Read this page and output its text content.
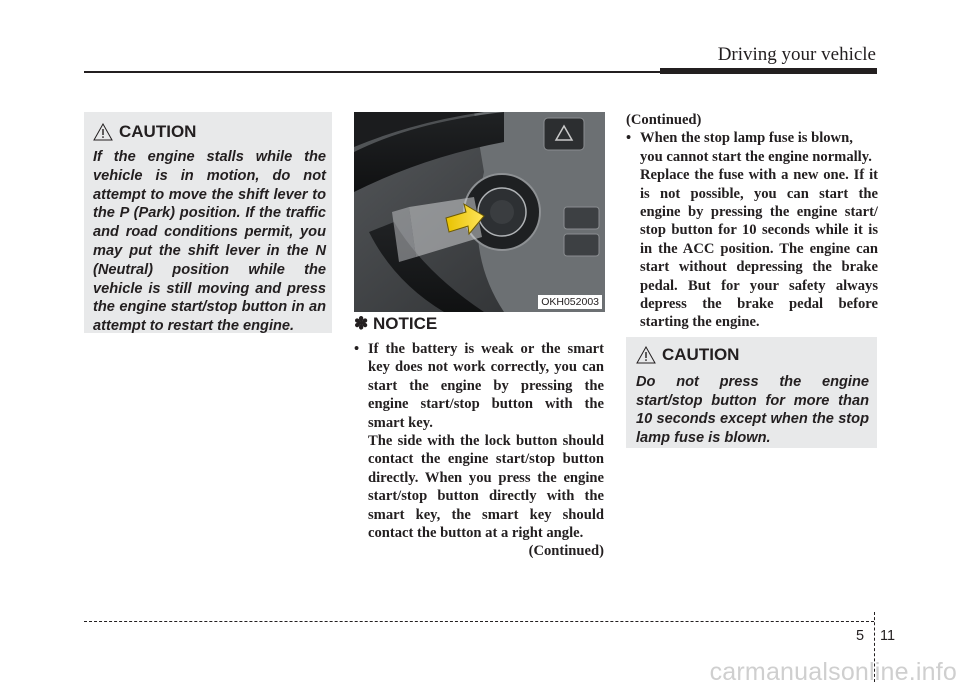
Driving your vehicle
CAUTION
If the engine stalls while the vehicle is in motion, do not attempt to move the shift lever to the P (Park) position. If the traffic and road conditions permit, you may put the shift lever in the N (Neutral) position while the vehicle is still moving and press the engine start/stop button in an attempt to restart the engine.
OKH052003
✽ NOTICE
• If the battery is weak or the smart key does not work correctly, you can start the engine by pressing the engine start/stop button with the smart key.

The side with the lock button should contact the engine start/stop button directly. When you press the engine start/stop button directly with the smart key, the smart key should contact the button at a right angle.

(Continued)

(Continued)

• When the stop lamp fuse is blown, you cannot start the engine normally.

Replace the fuse with a new one. If it is not possible, you can start the engine by pressing the engine start/ stop button for 10 seconds while it is in the ACC position. The engine can start without depressing the brake pedal. But for your safety always depress the brake pedal before starting the engine.

CAUTION
Do not press the engine start/stop button for more than 10 seconds except when the stop lamp fuse is blown.
5 11
carmanualsonline.info
